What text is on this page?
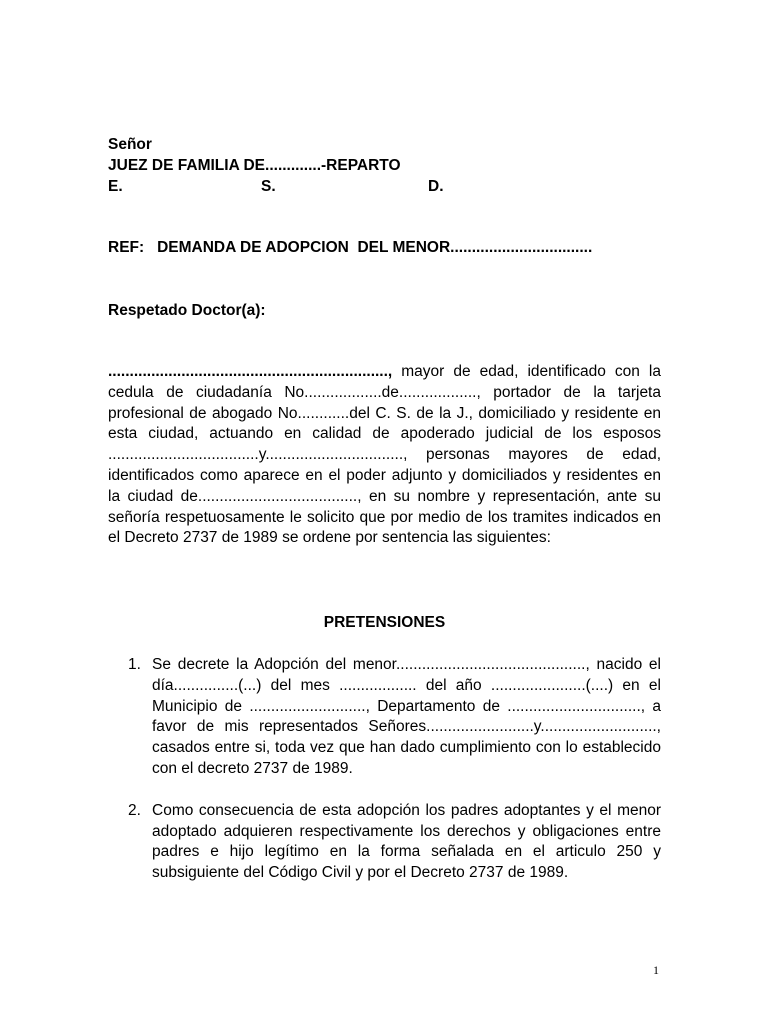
Señor
JUEZ DE FAMILIA DE.............-REPARTO
E.	S.	D.
REF:   DEMANDA DE ADOPCION  DEL MENOR.................................
Respetado Doctor(a):
................................................................., mayor de edad, identificado con la cedula de ciudadanía No..................de.................., portador de la tarjeta profesional de abogado No............del C. S. de la J., domiciliado y residente en esta ciudad, actuando en calidad de apoderado judicial de los esposos ...................................y................................, personas mayores de edad, identificados como aparece en el poder adjunto y domiciliados y residentes en la ciudad de....................................., en su nombre y representación, ante su señoría respetuosamente le solicito que por medio de los tramites indicados en el Decreto 2737 de 1989 se ordene por sentencia las siguientes:
PRETENSIONES
1. Se decrete la Adopción del menor............................................, nacido el día...............(...) del mes .................. del año ......................(....) en el Municipio de ..........................., Departamento de ..............................., a favor de mis representados Señores.........................y..........................., casados entre si, toda vez que han dado cumplimiento con lo establecido con el decreto 2737 de 1989.
2. Como consecuencia de esta adopción los padres adoptantes y el menor adoptado adquieren respectivamente los derechos y obligaciones entre padres e hijo legítimo en la forma señalada en el articulo 250 y subsiguiente del Código Civil y por el Decreto 2737 de 1989.
1
